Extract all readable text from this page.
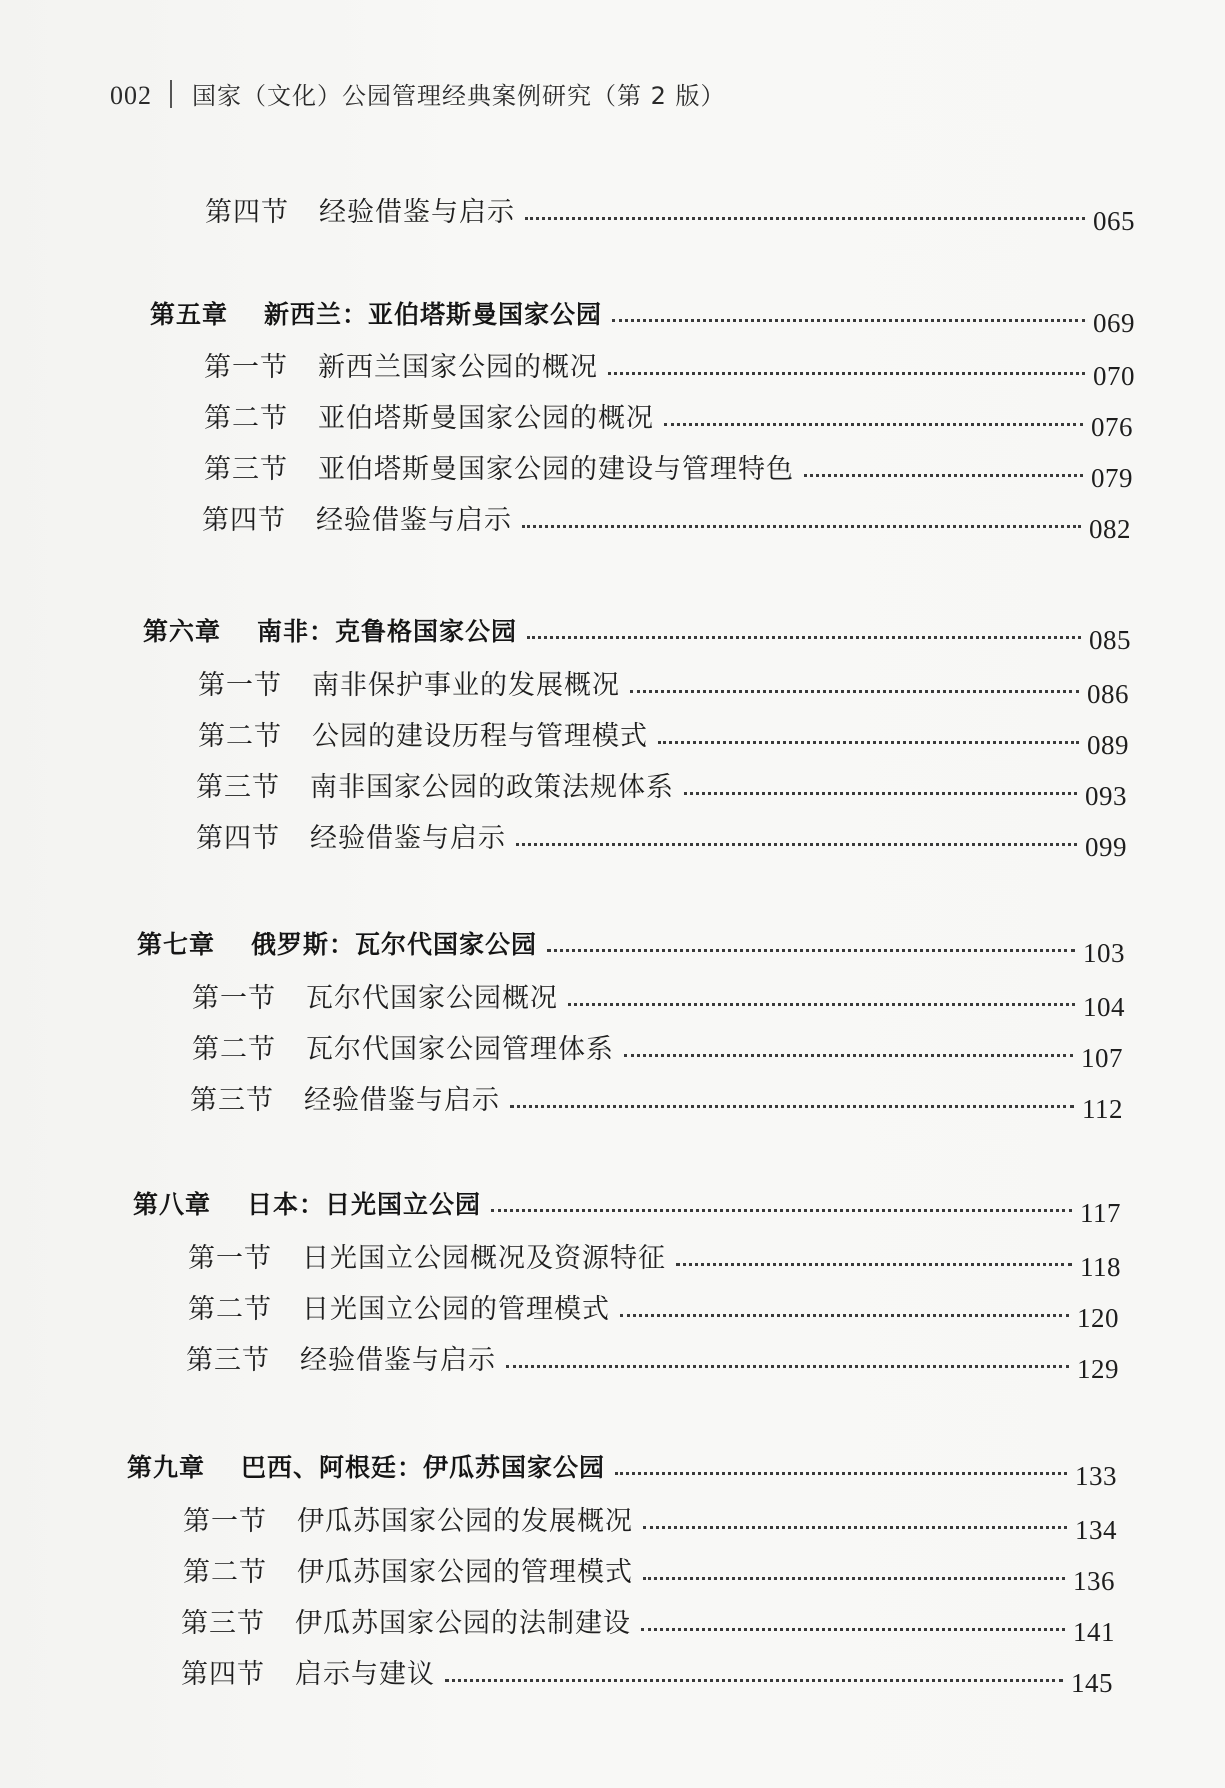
002 国家（文化）公园管理经典案例研究（第 2 版）
第四节	经验借鉴与启示	065
第五章	新西兰：亚伯塔斯曼国家公园	069
第一节	新西兰国家公园的概况	070
第二节	亚伯塔斯曼国家公园的概况	076
第三节	亚伯塔斯曼国家公园的建设与管理特色	079
第四节	经验借鉴与启示	082
第六章	南非：克鲁格国家公园	085
第一节	南非保护事业的发展概况	086
第二节	公园的建设历程与管理模式	089
第三节	南非国家公园的政策法规体系	093
第四节	经验借鉴与启示	099
第七章	俄罗斯：瓦尔代国家公园	103
第一节	瓦尔代国家公园概况	104
第二节	瓦尔代国家公园管理体系	107
第三节	经验借鉴与启示	112
第八章	日本：日光国立公园	117
第一节	日光国立公园概况及资源特征	118
第二节	日光国立公园的管理模式	120
第三节	经验借鉴与启示	129
第九章	巴西、阿根廷：伊瓜苏国家公园	133
第一节	伊瓜苏国家公园的发展概况	134
第二节	伊瓜苏国家公园的管理模式	136
第三节	伊瓜苏国家公园的法制建设	141
第四节	启示与建议	145
